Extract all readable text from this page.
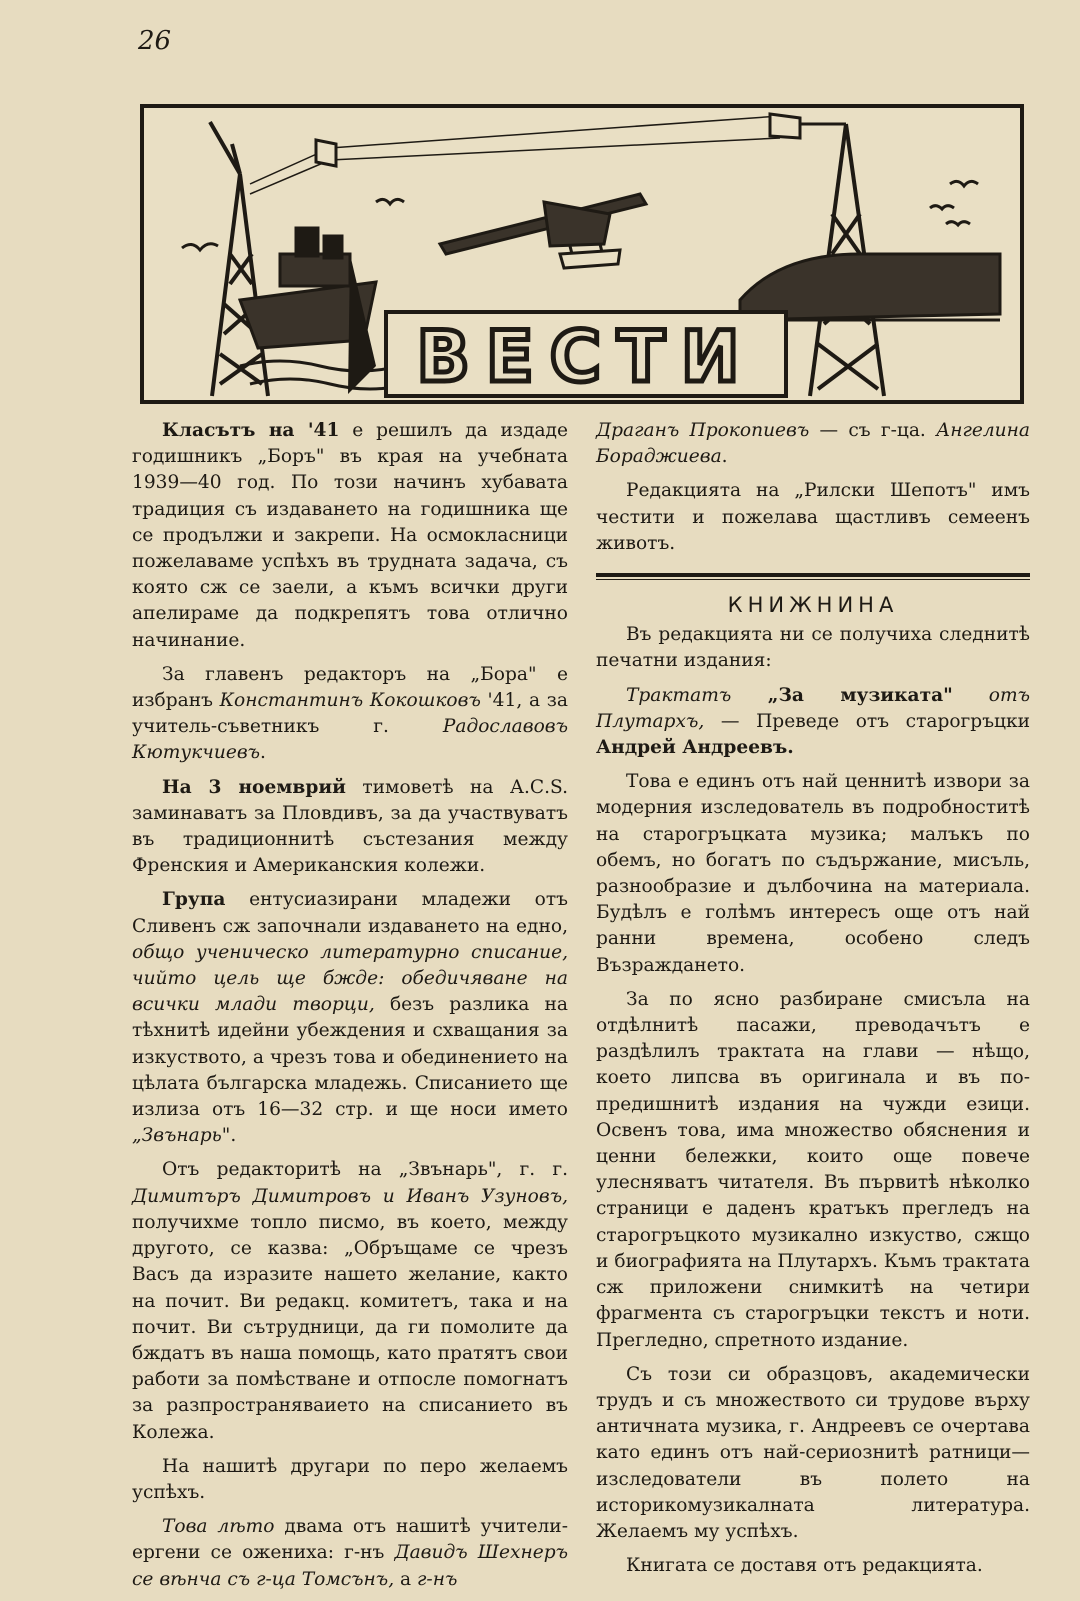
26
ВЕСТИ

Класътъ на '41 е решилъ да издаде годишникъ „Боръ" въ края на учебната 1939—40 год. По този начинъ хубавата традиция съ издаването на годишника ще се продължи и закрепи. На осмокласници пожелаваме успѣхъ въ трудната задача, съ която сж се заели, а къмъ всички други апелираме да подкрепятъ това отлично начинание.

За главенъ редакторъ на „Бора" е избранъ Константинъ Кокошковъ '41, а за учитель-съветникъ г. Радославовъ Кютукчиевъ.

На 3 ноемврий тимоветѣ на А.С.S. заминаватъ за Пловдивъ, за да участвуватъ въ традиционнитѣ състезания между Френския и Американския колежи.

Група ентусиазирани младежи отъ Сливенъ сж започнали издаването на едно, общо ученическо литературно списание, чийто цель ще бжде: обедичяване на всички млади творци, безъ разлика на тѣхнитѣ идейни убеждения и схващания за изкуството, а чрезъ това и обединението на цѣлата българска младежь. Списанието ще излиза отъ 16—32 стр. и ще носи името „Звънарь".

Отъ редакторитѣ на „Звънарь", г. г. Димитъръ Димитровъ и Иванъ Узуновъ, получихме топло писмо, въ което, между другото, се казва: „Обръщаме се чрезъ Васъ да изразите нашето желание, както на почит. Ви редакц. комитетъ, така и на почит. Ви сътрудници, да ги помолите да бждатъ въ наша помощь, като пратятъ свои работи за помѣстване и отпосле помогнатъ за разпространяваието на списанието въ Колежа.

На нашитѣ другари по перо желаемъ успѣхъ.

Това лѣто двама отъ нашитѣ учители-ергени се ожениха: г-нъ Давидъ Шехнеръ се вѣнча съ г-ца Томсънъ, а г-нъ

Драганъ Прокопиевъ — съ г-ца. Ангелина Бораджиева.

Редакцията на „Рилски Шепотъ" имъ честити и пожелава щастливъ семеенъ животъ.

КНИЖНИНА

Въ редакцията ни се получиха следнитѣ печатни издания:

Трактатъ „За музиката" отъ Плутархъ, — Преведе отъ старогръцки Андрей Андреевъ.

Това е единъ отъ най ценнитѣ извори за модерния изследователь въ подробноститѣ на старогръцката музика; малъкъ по обемъ, но богатъ по съдържание, мисъль, разнообразие и дълбочина на материала. Будѣлъ е голѣмъ интересъ още отъ най ранни времена, особено следъ Възраждането.

За по ясно разбиране смисъла на отдѣлнитѣ пасажи, преводачътъ е раздѣлилъ трактата на глави — нѣщо, което липсва въ оригинала и въ по-предишнитѣ издания на чужди езици. Освенъ това, има множество обяснения и ценни бележки, които още повече улесняватъ читателя. Въ първитѣ нѣколко страници е даденъ кратъкъ прегледъ на старогръцкото музикално изкуство, сжщо и биографията на Плутархъ. Къмъ трактата сж приложени снимкитѣ на четири фрагмента съ старогръцки текстъ и ноти. Прегледно, спретното издание.

Съ този си образцовъ, академически трудъ и съ множеството си трудове върху античната музика, г. Андреевъ се очертава като единъ отъ най-сериознитѣ ратници—изследователи въ полето на историкомузикалната литература. Желаемъ му успѣхъ.

Книгата се доставя отъ редакцията.
